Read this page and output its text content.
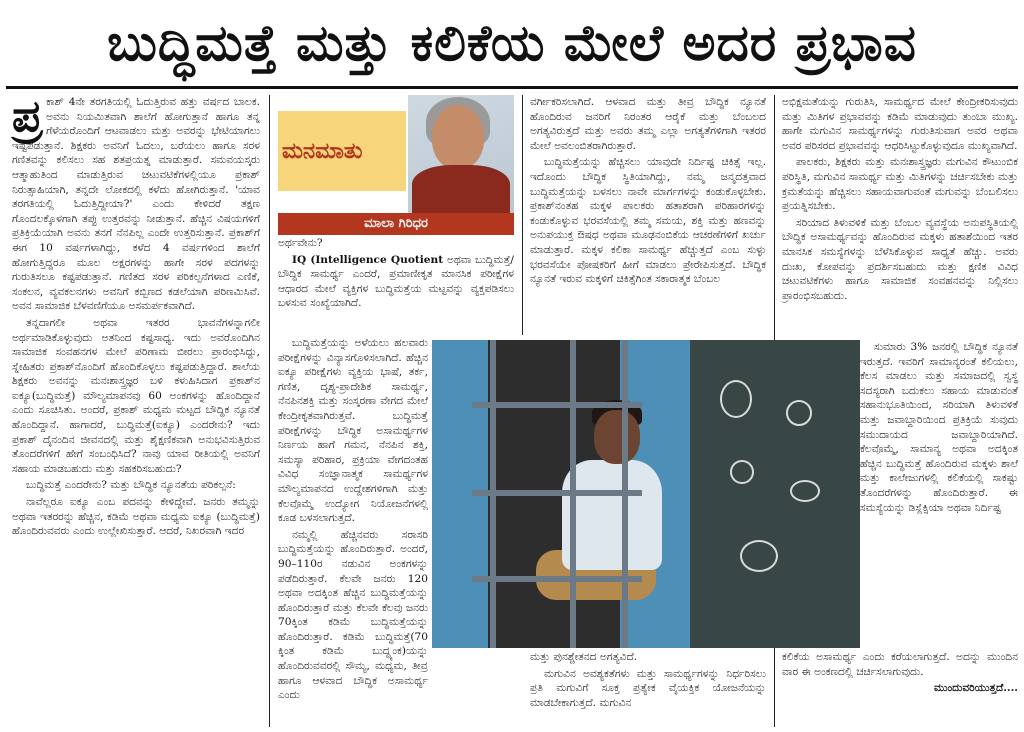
ಬುದ್ಧಿಮತ್ತೆ ಮತ್ತು ಕಲಿಕೆಯ ಮೇಲೆ ಅದರ ಪ್ರಭಾವ

ಪ್ರ ಕಾಶ್ 4ನೇ ತರಗತಿಯಲ್ಲಿ ಓದುತ್ತಿರುವ ಹತ್ತು ವರ್ಷದ ಬಾಲಕ. ಅವನು ನಿಯಮಿತವಾಗಿ ಶಾಲೆಗೆ ಹೋಗುತ್ತಾನೆ ಹಾಗೂ ತನ್ನ ಗೆಳೆಯರೊಂದಿಗೆ ಆಟವಾಡಲು ಮತ್ತು ಅವರನ್ನು ಭೇಟಿಯಾಗಲು ಇಷ್ಟಪಡುತ್ತಾನೆ. ಶಿಕ್ಷಕರು ಅವನಿಗೆ ಓದಲು, ಬರೆಯಲು ಹಾಗೂ ಸರಳ ಗಣಿತವನ್ನು ಕಲಿಸಲು ಸಹ ಶತಪ್ರಯತ್ನ ಮಾಡುತ್ತಾರೆ. ಸಮವಯಸ್ಕರು ಆತ್ಮಾಹುತಿಂದ ಮಾಡುತ್ತಿರುವ ಚಟುವಟಿಕೆಗಳಲ್ಲಿಯೂ ಪ್ರಕಾಶ್ ನಿರುತ್ಸಾಹಿಯಾಗಿ, ತನ್ನದೇ ಲೋಕದಲ್ಲಿ ಕಳೆದು ಹೋಗಿರುತ್ತಾನೆ. 'ಯಾವ ತರಗತಿಯಲ್ಲಿ ಓದುತ್ತಿದ್ದೀಯಾ?' ಎಂದು ಕೇಳಿದರೆ ತಕ್ಷಣ ಗೊಂದಲಕ್ಕೊಳಗಾಗಿ ತಪ್ಪು ಉತ್ತರವನ್ನು ನೀಡುತ್ತಾನೆ. ಹೆಚ್ಚಿನ ವಿಷಯಗಳಿಗೆ ಪ್ರತಿಕ್ರಿಯೆಯಾಗಿ ಅವನು ತನಗೆ ನೆನಪಿಲ್ಲ ಎಂದೇ ಉತ್ತರಿಸುತ್ತಾನೆ. ಪ್ರಕಾಶ್‌ಗೆ ಈಗ 10 ವರ್ಷಗಳಾಗಿದ್ದು, ಕಳೆದ 4 ವರ್ಷಗಳಿಂದ ಶಾಲೆಗೆ ಹೋಗುತ್ತಿದ್ದರೂ ಮೂಲ ಅಕ್ಷರಗಳನ್ನು ಹಾಗೇ ಸರಳ ಪದಗಳನ್ನು ಗುರುತಿಸಲೂ ಕಷ್ಟಪಡುತ್ತಾನೆ. ಗಣಿತದ ಸರಳ ಪರಿಕಲ್ಪನೆಗಳಾದ ಎಣಿಕೆ, ಸಂಕಲನ, ವ್ಯವಕಲನಗಳು ಅವನಿಗೆ ಕಬ್ಬಿಣದ ಕಡಲೆಯಾಗಿ ಪರಿಣಮಿಸಿವೆ. ಅವನ ಸಾಮಾಜಿಕ ಬೆಳವಣಿಗೆಯೂ ಅಸಮರ್ಪಕವಾಗಿದೆ.

ತನ್ನದಾಗಲೀ ಅಥವಾ ಇತರರ ಭಾವನೆಗಳನ್ನಾಗಲೀ ಅರ್ಥಮಾಡಿಕೊಳ್ಳುವುದು ಅತನಿಂದ ಕಷ್ಟಸಾಧ್ಯ. ಇದು ಅವರೊಂದಿಗಿನ ಸಾಮಾಜಿಕ ಸಂವಹನಗಳ ಮೇಲೆ ಪರಿಣಾಮ ಬೀರಲು ಪ್ರಾರಂಭಿಸಿದ್ದು, ಸ್ನೇಹಿತರು ಪ್ರಕಾಶ್‌ನೊಂದಿಗೆ ಹೊಂದಿಕೊಳ್ಳಲು ಕಷ್ಟಪಡುತ್ತಿದ್ದಾರೆ. ಶಾಲೆಯ ಶಿಕ್ಷಕರು ಅವನನ್ನು ಮನಃಶಾಸ್ತ್ರಜ್ಞರ ಬಳಿ ಕಳುಹಿಸಿದಾಗ ಪ್ರಕಾಶ್‌ನ ಐಕ್ಯೂ(ಬುದ್ಧಿಮತ್ತೆ) ಮೌಲ್ಯಮಾಪನವು 60 ಅಂಕಗಳನ್ನು ಹೊಂದಿದ್ದಾನೆ ಎಂದು ಸೂಚಿಸಿತು. ಅಂದರೆ, ಪ್ರಕಾಶ್ ಮಧ್ಯಮ ಮಟ್ಟದ ಬೌದ್ಧಿಕ ನ್ಯೂನತೆ ಹೊಂದಿದ್ದಾನೆ. ಹಾಗಾದರೆ, ಬುದ್ಧಿಮತ್ತೆ(ಐಕ್ಯೂ) ಎಂದರೇನು? ಇದು ಪ್ರಕಾಶ್ ದೈನಂದಿನ ಜೀವನದಲ್ಲಿ ಮತ್ತು ಶೈಕ್ಷಣಿಕವಾಗಿ ಅನುಭವಿಸುತ್ತಿರುವ ತೊಂದರೆಗಳಿಗೆ ಹೇಗೆ ಸಂಬಂಧಿಸಿದೆ? ನಾವು ಯಾವ ರೀತಿಯಲ್ಲಿ ಅವನಿಗೆ ಸಹಾಯ ಮಾಡಬಹುದು ಮತ್ತು ಸಹಕರಿಸಬಹುದು?

ಬುದ್ಧಿಮತ್ತೆ ಎಂದರೇನು? ಮತ್ತು ಬೌದ್ಧಿಕ ನ್ಯೂನತೆಯ ಪರಿಕಲ್ಪನೆ:

ನಾವೆಲ್ಲರೂ ಐಕ್ಯೂ ಎಂಬ ಪದವನ್ನು ಕೇಳಿದ್ದೇವೆ. ಜನರು ತಮ್ಮನ್ನು ಅಥವಾ ಇತರರನ್ನು ಹೆಚ್ಚಿನ, ಕಡಿಮೆ ಅಥವಾ ಮಧ್ಯಮ ಐಕ್ಯೂ (ಬುದ್ಧಿಮತ್ತೆ) ಹೊಂದಿರುವವರು ಎಂದು ಉಲ್ಲೇಖಿಸುತ್ತಾರೆ. ಆದರೆ, ನಿಖರವಾಗಿ ಇದರ

ಮನಮಾತು
ಮಾಲಾ ಗಿರಿಧರ

ಅರ್ಥವೇನು?

IQ (Intelligence Quotient ಅಥವಾ ಬುದ್ಧಿಮತ್ತೆ/ಬೌದ್ಧಿಕ ಸಾಮರ್ಥ್ಯ ಎಂದರೆ, ಪ್ರಮಾಣೀಕೃತ ಮಾನಸಿಕ ಪರೀಕ್ಷೆಗಳ ಆಧಾರದ ಮೇಲೆ ವ್ಯಕ್ತಿಗಳ ಬುದ್ಧಿಮತ್ತೆಯ ಮಟ್ಟವನ್ನು ವ್ಯಕ್ತಪಡಿಸಲು ಬಳಸುವ ಸಂಖ್ಯೆಯಾಗಿದೆ.

ಬುದ್ಧಿಮತ್ತೆಯನ್ನು ಅಳೆಯಲು ಹಲವಾರು ಪರೀಕ್ಷೆಗಳನ್ನು ವಿನ್ಯಾಸಗೊಳಿಸಲಾಗಿದೆ. ಹೆಚ್ಚಿನ ಐಕ್ಯೂ ಪರೀಕ್ಷೆಗಳು ವ್ಯಕ್ತಿಯ ಭಾಷೆ, ತರ್ಕ, ಗಣಿತ, ದೃಶ್ಯ-ಪ್ರಾದೇಶಿಕ ಸಾಮರ್ಥ್ಯ, ನೆನಪಿನಶಕ್ತಿ ಮತ್ತು ಸಂಸ್ಕರಣಾ ವೇಗದ ಮೇಲೆ ಕೇಂದ್ರೀಕೃತವಾಗಿರುತ್ತವೆ. ಬುದ್ಧಿಮತ್ತೆ ಪರೀಕ್ಷೆಗಳನ್ನು ಬೌದ್ಧಿಕ ಅಸಾಮರ್ಥ್ಯಗಳ ನಿರ್ಣಯ ಹಾಗೆ ಗಮನ, ನೆನಪಿನ ಶಕ್ತಿ, ಸಮಸ್ಯಾ ಪರಿಹಾರ, ಪ್ರಕ್ರಿಯಾ ವೇಗದಂತಹ ವಿವಿಧ ಸಂಜ್ಞಾನಾತ್ಮಕ ಸಾಮರ್ಥ್ಯಗಳ ಮೌಲ್ಯಮಾಪನದ ಉದ್ದೇಶಗಳಿಗಾಗಿ ಮತ್ತು ಕೆಲವೊಮ್ಮೆ ಉದ್ಯೋಗ ನಿಯೋಜನೆಗಳಲ್ಲಿ ಕೂಡ ಬಳಸಲಾಗುತ್ತದೆ.

ನಮ್ಮಲ್ಲಿ ಹೆಚ್ಚಿನವರು ಸರಾಸರಿ ಬುದ್ಧಿಮತ್ತೆಯನ್ನು ಹೊಂದಿರುತ್ತಾರೆ. ಅಂದರೆ, 90–110ರ ನಡುವಿನ ಅಂಕಗಳನ್ನು ಪಡೆದಿರುತ್ತಾರೆ. ಕೆಲವೇ ಜನರು 120 ಅಥವಾ ಅದಕ್ಕಿಂತ ಹೆಚ್ಚಿನ ಬುದ್ಧಿಮತ್ತೆಯನ್ನು ಹೊಂದಿರುತ್ತಾರೆ ಮತ್ತು ಕೆಲವೇ ಕೆಲವು ಜನರು 70ಕ್ಕಿಂತ ಕಡಿಮೆ ಬುದ್ಧಿಮತ್ತೆಯನ್ನು ಹೊಂದಿರುತ್ತಾರೆ. ಕಡಿಮೆ ಬುದ್ಧಿಮತ್ತೆ(70 ಕ್ಕಿಂತ ಕಡಿಮೆ ಬುದ್ಧ್ಯಂಕ)ಯನ್ನು ಹೊಂದಿರುವವರಲ್ಲಿ ಸೌಮ್ಯ, ಮಧ್ಯಮ, ತೀವ್ರ ಹಾಗೂ ಆಳವಾದ ಬೌದ್ಧಿಕ ಅಸಾಮರ್ಥ್ಯ ಎಂದು

ವರ್ಗೀಕರಿಸಲಾಗಿದೆ. ಆಳವಾದ ಮತ್ತು ತೀವ್ರ ಬೌದ್ಧಿಕ ನ್ಯೂನತೆ ಹೊಂದಿರುವ ಜನರಿಗೆ ನಿರಂತರ ಆರೈಕೆ ಮತ್ತು ಬೆಂಬಲದ ಅಗತ್ಯವಿರುತ್ತದೆ ಮತ್ತು ಅವರು ತಮ್ಮ ಎಲ್ಲಾ ಅಗತ್ಯತೆಗಳಿಗಾಗಿ ಇತರರ ಮೇಲೆ ಅವಲಂಬಿತರಾಗಿರುತ್ತಾರೆ.

ಬುದ್ಧಿಮತ್ತೆಯನ್ನು ಹೆಚ್ಚಿಸಲು ಯಾವುದೇ ನಿರ್ದಿಷ್ಟ ಚಿಕಿತ್ಸೆ ಇಲ್ಲ. ಇದೊಂದು ಬೌದ್ಧಿಕ ಸ್ಥಿತಿಯಾಗಿದ್ದು, ನಮ್ಮ ಜನ್ಮದತ್ತವಾದ ಬುದ್ಧಿಮತ್ತೆಯನ್ನು ಬಳಸಲು ನಾವೇ ಮಾರ್ಗಗಳನ್ನು ಕಂಡುಕೊಳ್ಳಬೇಕು. ಪ್ರಕಾಶ್‌ನಂತಹ ಮಕ್ಕಳ ಪಾಲಕರು ಹತಾಶರಾಗಿ ಪರಿಹಾರಗಳನ್ನು ಕಂಡುಕೊಳ್ಳುವ ಭರವಸೆಯಲ್ಲಿ ತಮ್ಮ ಸಮಯ, ಶಕ್ತಿ ಮತ್ತು ಹಣವನ್ನು ಅನುಪಯುಕ್ತ ಔಷಧ ಅಥವಾ ಮೂಢನಂಬಿಕೆಯ ಆಚರಣೆಗಳಿಗೆ ಖರ್ಚು ಮಾಡುತ್ತಾರೆ. ಮಕ್ಕಳ ಕಲಿಕಾ ಸಾಮರ್ಥ್ಯ ಹೆಚ್ಚುತ್ತದೆ ಎಂಬ ಸುಳ್ಳು ಭರವಸೆಯೇ ಪೋಷಕರಿಗೆ ಹೀಗೆ ಮಾಡಲು ಪ್ರೇರೇಪಿಸುತ್ತದೆ. ಬೌದ್ಧಿಕ ನ್ಯೂನತೆ ಇರುವ ಮಕ್ಕಳಿಗೆ ಚಿಕಿತ್ಸೆಗಿಂತ ಸಕಾರಾತ್ಮಕ ಬೆಂಬಲ

ಮತ್ತು ಪುನಶ್ಚೇತನದ ಅಗತ್ಯವಿದೆ.

ಮಗುವಿನ ಅವಶ್ಯಕತೆಗಳು ಮತ್ತು ಸಾಮರ್ಥ್ಯಗಳನ್ನು ನಿರ್ಧರಿಸಲು ಪ್ರತಿ ಮಗುವಿಗೆ ಸೂಕ್ತ ಪ್ರತ್ಯೇಕ ವೈಯಕ್ತಿಕ ಯೋಜನೆಯನ್ನು ಮಾಡಬೇಕಾಗುತ್ತದೆ. ಮಗುವಿನ

ಅಭಿಕ್ಷಮತೆಯನ್ನು ಗುರುತಿಸಿ, ಸಾಮರ್ಥ್ಯದ ಮೇಲೆ ಕೇಂದ್ರೀಕರಿಸುವುದು ಮತ್ತು ಮಿತಿಗಳ ಪ್ರಭಾವವನ್ನು ಕಡಿಮೆ ಮಾಡುವುದು ತುಂಬಾ ಮುಖ್ಯ. ಹಾಗೇ ಮಗುವಿನ ಸಾಮರ್ಥ್ಯಗಳನ್ನು ಗುರುತಿಸುವಾಗ ಅವರ ಅಥವಾ ಅವರ ಪರಿಸರದ ಪ್ರಭಾವವನ್ನು ಆಧರಿಸಿಟ್ಟುಕೊಳ್ಳುವುದೂ ಮುಖ್ಯವಾಗಿದೆ.

ಪಾಲಕರು, ಶಿಕ್ಷಕರು ಮತ್ತು ಮನಃಶಾಸ್ತ್ರಜ್ಞರು ಮಗುವಿನ ಕೌಟುಂಬಿಕ ಪರಿಸ್ಥಿತಿ, ಮಗುವಿನ ಸಾಮರ್ಥ್ಯ ಮತ್ತು ಮಿತಿಗಳನ್ನು ಚರ್ಚಿಸಬೇಕು ಮತ್ತು ಕ್ರಮತೆಯನ್ನು ಹೆಚ್ಚಿಸಲು ಸಹಾಯವಾಗುವಂತೆ ಮಗುವನ್ನು ಬೆಂಬಲಿಸಲು ಪ್ರಯತ್ನಿಸಬೇಕು.

ಸರಿಯಾದ ತಿಳುವಳಿಕೆ ಮತ್ತು ಬೆಂಬಲ ವ್ಯವಸ್ಥೆಯ ಅನುಪಸ್ಥಿತಿಯಲ್ಲಿ ಬೌದ್ಧಿಕ ಅಸಾಮರ್ಥ್ಯವನ್ನು ಹೊಂದಿರುವ ಮಕ್ಕಳು ಹತಾಶೆಯಿಂದ ಇತರ ಮಾನಸಿಕ ಸಮಸ್ಯೆಗಳನ್ನು ಬೆಳೆಸಿಕೊಳ್ಳುವ ಸಾಧ್ಯತೆ ಹೆಚ್ಚು. ಅವರು ದುಃಖ, ಕೋಪವನ್ನು ಪ್ರದರ್ಶಿಸಬಹುದು ಮತ್ತು ಕ್ಷಣಿಕ ವಿವಿಧ ಚಟುವಟಿಕೆಗಳು ಹಾಗೂ ಸಾಮಾಜಿಕ ಸಂವಹನವನ್ನು ನಿಲ್ಲಿಸಲು ಪ್ರಾರಂಭಿಸಬಹುದು.

ಸುಮಾರು 3% ಜನರಲ್ಲಿ ಬೌದ್ಧಿಕ ನ್ಯೂನತೆ ಇರುತ್ತದೆ. ಇವರಿಗೆ ಸಾಮಾನ್ಯರಂತೆ ಕಲಿಯಲು, ಕೆಲಸ ಮಾಡಲು ಮತ್ತು ಸಮಾಜದಲ್ಲಿ ಸ್ವಸ್ಥ ಸದಸ್ಯರಾಗಿ ಬದುಕಲು ಸಹಾಯ ಮಾಡುವಂತೆ ಸಹಾನುಭೂತಿಯಿಂದ, ಸರಿಯಾಗಿ ತಿಳುವಳಿಕೆ ಮತ್ತು ಜವಾಬ್ದಾರಿಯಿಂದ ಪ್ರತಿಕ್ರಿಯೆ ಸುವುದು ಸಮುದಾಯದ ಜವಾಬ್ದಾರಿಯಾಗಿದೆ. ಕೆಲವೊಮ್ಮೆ, ಸಾಮಾನ್ಯ ಅಥವಾ ಅದಕ್ಕಿಂತ ಹೆಚ್ಚಿನ ಬುದ್ಧಿಮತ್ತೆ ಹೊಂದಿರುವ ಮಕ್ಕಳು ಶಾಲೆ ಮತ್ತು ಕಾಲೇಜುಗಳಲ್ಲಿ ಕಲಿಕೆಯಲ್ಲಿ ಸಾಕಷ್ಟು ತೊಂದರೆಗಳನ್ನು ಹೊಂದಿರುತ್ತಾರೆ. ಈ ಸಮಸ್ಯೆಯನ್ನು ಡಿಸ್ಲೆಕ್ಸಿಯಾ ಅಥವಾ ನಿರ್ದಿಷ್ಟ

ಕಲಿಕೆಯ ಅಸಾಮರ್ಥ್ಯ ಎಂದು ಕರೆಯಲಾಗುತ್ತದೆ. ಅದನ್ನು ಮುಂದಿನ ವಾರ ಈ ಅಂಕಣದಲ್ಲಿ ಚರ್ಚಿಸಲಾಗುವುದು.

ಮುಂದುವರಿಯುತ್ತದೆ....
